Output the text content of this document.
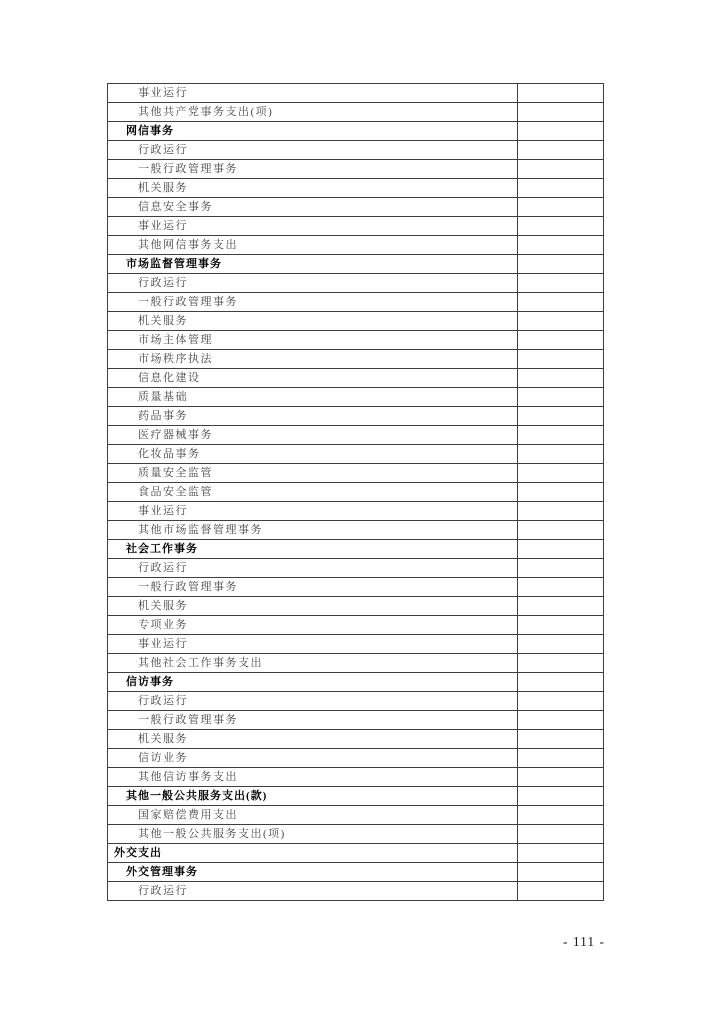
事业运行	
其他共产党事务支出(项)	
网信事务	
行政运行	
一般行政管理事务	
机关服务	
信息安全事务	
事业运行	
其他网信事务支出	
市场监督管理事务	
行政运行	
一般行政管理事务	
机关服务	
市场主体管理	
市场秩序执法	
信息化建设	
质量基础	
药品事务	
医疗器械事务	
化妆品事务	
质量安全监管	
食品安全监管	
事业运行	
其他市场监督管理事务	
社会工作事务	
行政运行	
一般行政管理事务	
机关服务	
专项业务	
事业运行	
其他社会工作事务支出	
信访事务	
行政运行	
一般行政管理事务	
机关服务	
信访业务	
其他信访事务支出	
其他一般公共服务支出(款)	
国家赔偿费用支出	
其他一般公共服务支出(项)	
外交支出	
外交管理事务	
行政运行	
- 111 -
